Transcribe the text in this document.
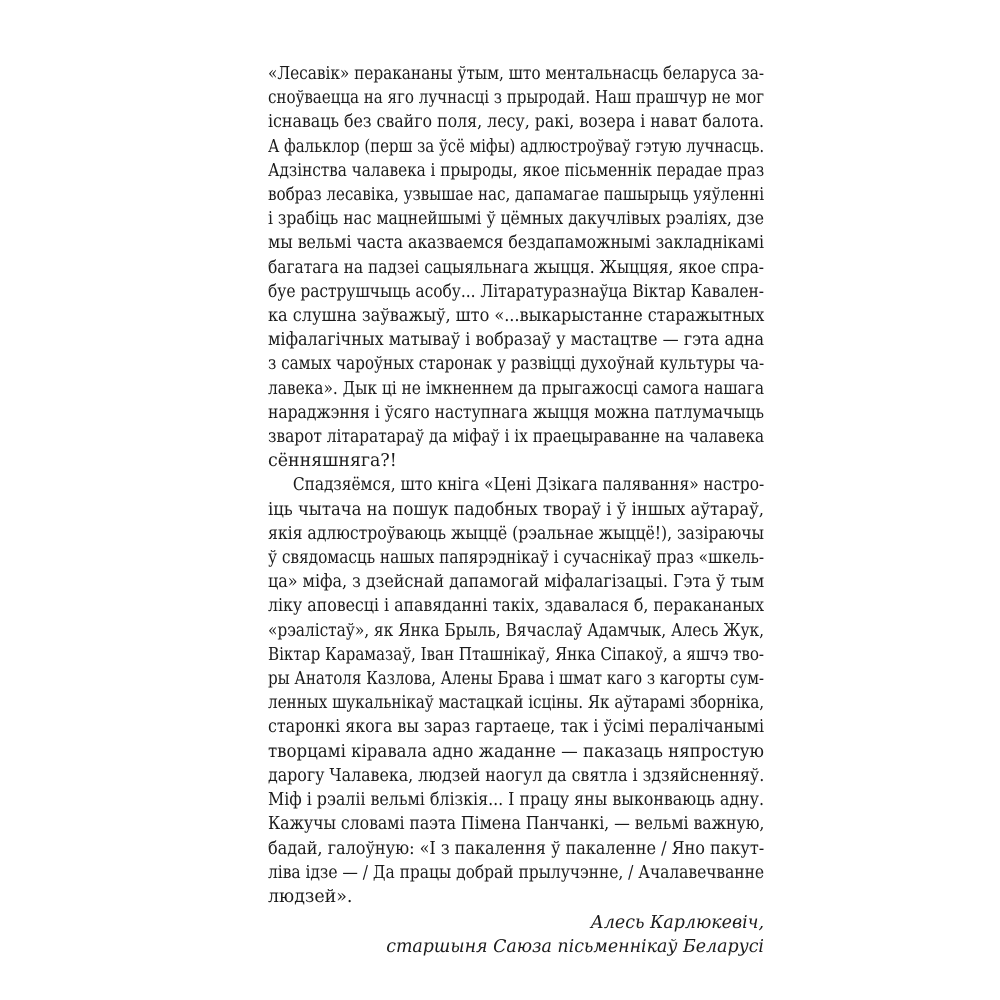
«Лесавік» перакананы ўтым, што ментальнасць беларуса за-
сноўваецца на яго лучнасці з прыродай. Наш прашчур не мог
існаваць без свайго поля, лесу, ракі, возера і нават балота.
А фальклор (перш за ўсё міфы) адлюстроўваў гэтую лучнасць.
Адзінства чалавека і прыроды, якое пісьменнік перадае праз
вобраз лесавіка, узвышае нас, дапамагае пашырыць уяўленні
і зрабіць нас мацнейшымі ў цёмных дакучлівых рэаліях, дзе
мы вельмі часта аказваемся бездапаможнымі закладнікамі
багатага на падзеі сацыяльнага жыцця. Жыццяя, якое спра-
буе раструшчыць асобу... Літаратуразнаўца Віктар Кавален-
ка слушна заўважыў, што «...выкарыстанне старажытных
міфалагічных матываў і вобразаў у мастацтве — гэта адна
з самых чароўных старонак у развіцці духоўнай культуры ча-
лавека». Дык ці не імкненнем да прыгажосці самога нашага
нараджэння і ўсяго наступнага жыцця можна патлумачыць
зварот літаратараў да міфаў і іх праецыраванне на чалавека
сённяшняга?!
Спадзяёмся, што кніга «Цені Дзікага палявання» настро-
іць чытача на пошук падобных твораў і ў іншых аўтараў,
якія адлюстроўваюць жыццё (рэальнае жыццё!), зазіраючы
ў свядомасць нашых папярэднікаў і сучаснікаў праз «шкель-
ца» міфа, з дзейснай дапамогай міфалагізацыі. Гэта ў тым
ліку аповесці і апавяданні такіх, здавалася б, перакананых
«рэалістаў», як Янка Брыль, Вячаслаў Адамчык, Алесь Жук,
Віктар Карамазаў, Іван Пташнікаў, Янка Сіпакоў, а яшчэ тво-
ры Анатоля Казлова, Алены Брава і шмат каго з кагорты сум-
ленных шукальнікаў мастацкай ісціны. Як аўтарамі зборніка,
старонкі якога вы зараз гартаеце, так і ўсімі пералічанымі
творцамі кіравала адно жаданне — паказаць няпростую
дарогу Чалавека, людзей наогул да святла і здзяйсненняў.
Міф і рэаліі вельмі блізкія... І працу яны выконваюць адну.
Кажучы словамі паэта Пімена Панчанкі, — вельмі важную,
бадай, галоўную: «І з пакалення ў пакаленне / Яно пакут-
ліва ідзе — / Да працы добрай прылучэнне, / Ачалавечванне
людзей».
Алесь Карлюкевіч,
старшыня Саюза пісьменнікаў Беларусі
